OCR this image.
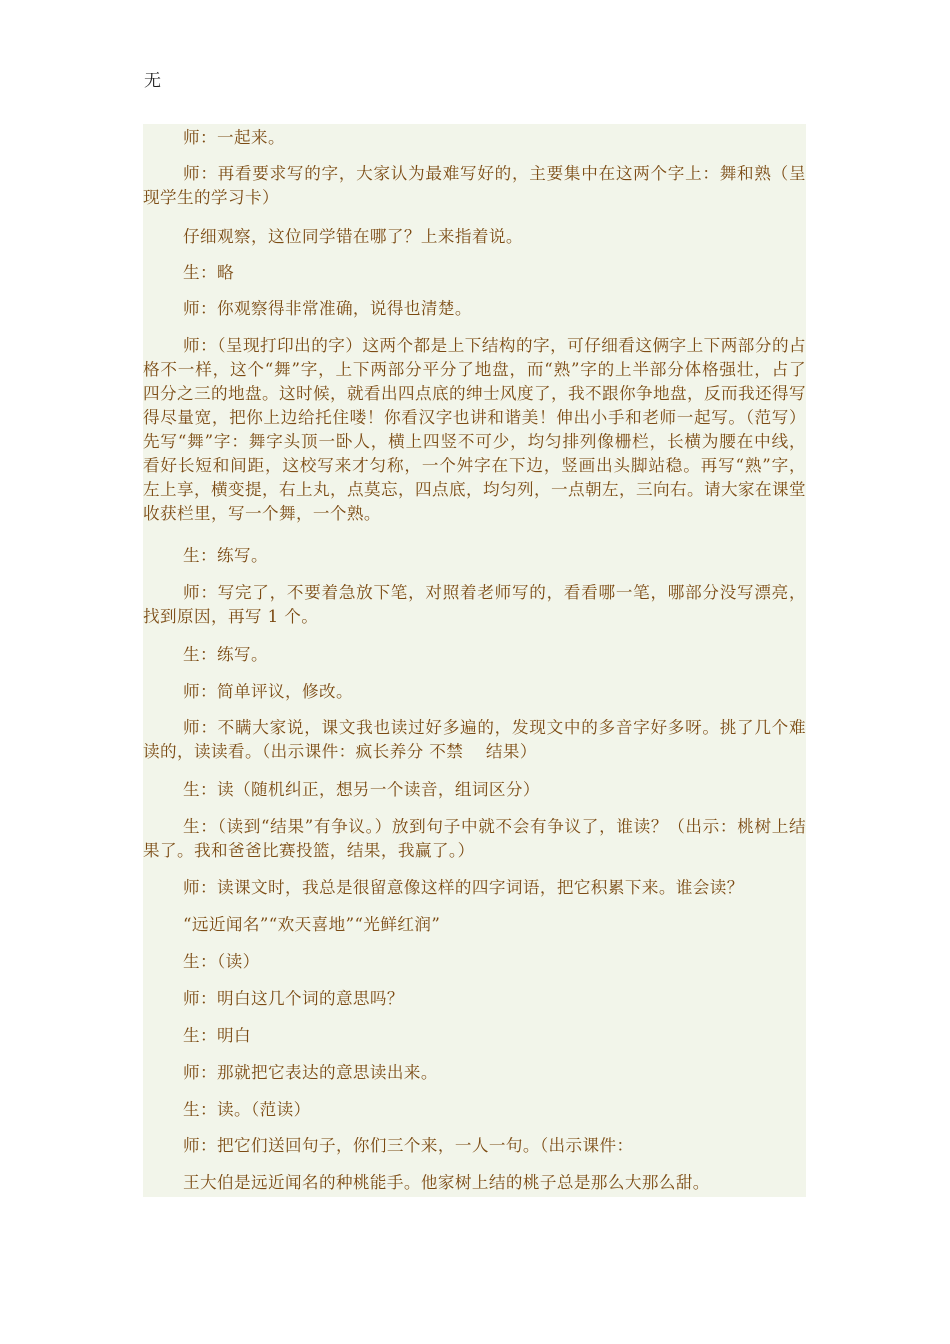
无

师：一起来。

师：再看要求写的字，大家认为最难写好的，主要集中在这两个字上：舞和熟（呈现学生的学习卡）

仔细观察，这位同学错在哪了？上来指着说。

生：略

师：你观察得非常准确，说得也清楚。

师：（呈现打印出的字）这两个都是上下结构的字，可仔细看这俩字上下两部分的占格不一样，这个“舞”字，上下两部分平分了地盘，而“熟”字的上半部分体格强壮，占了四分之三的地盘。这时候，就看出四点底的绅士风度了，我不跟你争地盘，反而我还得写得尽量宽，把你上边给托住喽！你看汉字也讲和谐美！伸出小手和老师一起写。（范写）先写“舞”字：舞字头顶一卧人，横上四竖不可少，均匀排列像栅栏，长横为腰在中线，看好长短和间距，这校写来才匀称，一个舛字在下边，竖画出头脚站稳。再写“熟”字，左上享，横变提，右上丸，点莫忘，四点底，均匀列，一点朝左，三向右。请大家在课堂收获栏里，写一个舞，一个熟。

生：练写。

师：写完了，不要着急放下笔，对照着老师写的，看看哪一笔，哪部分没写漂亮，找到原因，再写 1 个。

生：练写。

师：简单评议，修改。

师：不瞒大家说，课文我也读过好多遍的，发现文中的多音字好多呀。挑了几个难读的，读读看。（出示课件：疯长养分 不禁　 结果）

生：读（随机纠正，想另一个读音，组词区分）

生：（读到“结果”有争议。）放到句子中就不会有争议了，谁读？（出示：桃树上结果了。我和爸爸比赛投篮，结果，我赢了。）

师：读课文时，我总是很留意像这样的四字词语，把它积累下来。谁会读？

“远近闻名”“欢天喜地”“光鲜红润”

生：（读）

师：明白这几个词的意思吗？

生：明白

师：那就把它表达的意思读出来。

生：读。（范读）

师：把它们送回句子，你们三个来，一人一句。（出示课件：

王大伯是远近闻名的种桃能手。他家树上结的桃子总是那么大那么甜。
